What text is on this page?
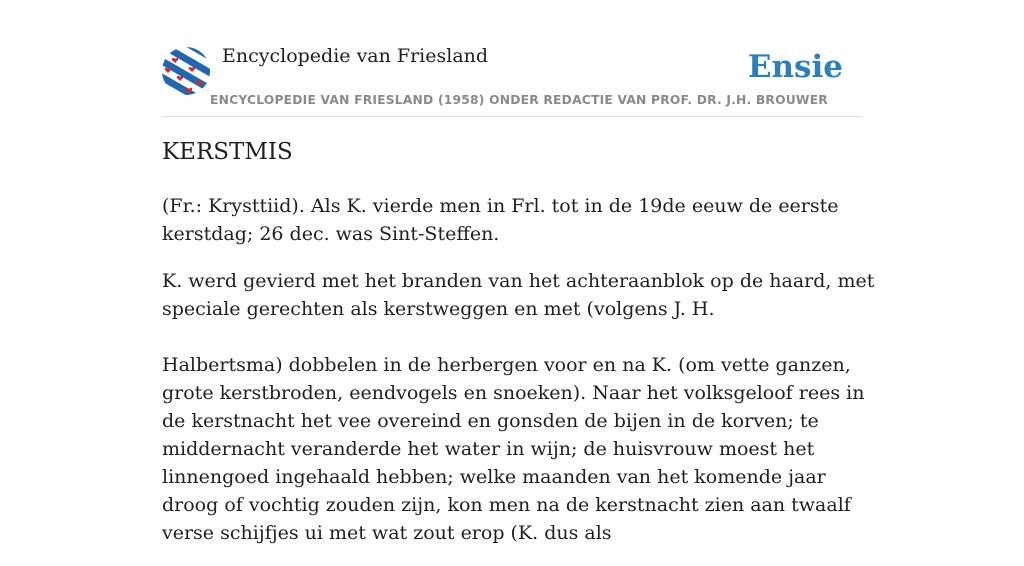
Encyclopedie van Friesland	Ensie
ENCYCLOPEDIE VAN FRIESLAND (1958) ONDER REDACTIE VAN PROF. DR. J.H. BROUWER
KERSTMIS

(Fr.: Krysttiid). Als K. vierde men in Frl. tot in de 19de eeuw de eerste kerstdag; 26 dec. was Sint-Steffen.

K. werd gevierd met het branden van het achteraanblok op de haard, met speciale gerechten als kerstweggen en met (volgens J. H.

Halbertsma) dobbelen in de herbergen voor en na K. (om vette ganzen, grote kerstbroden, eendvogels en snoeken). Naar het volksgeloof rees in de kerstnacht het vee overeind en gonsden de bijen in de korven; te middernacht veranderde het water in wijn; de huisvrouw moest het linnengoed ingehaald hebben; welke maanden van het komende jaar droog of vochtig zouden zijn, kon men na de kerstnacht zien aan twaalf verse schijfjes ui met wat zout erop (K. dus als
